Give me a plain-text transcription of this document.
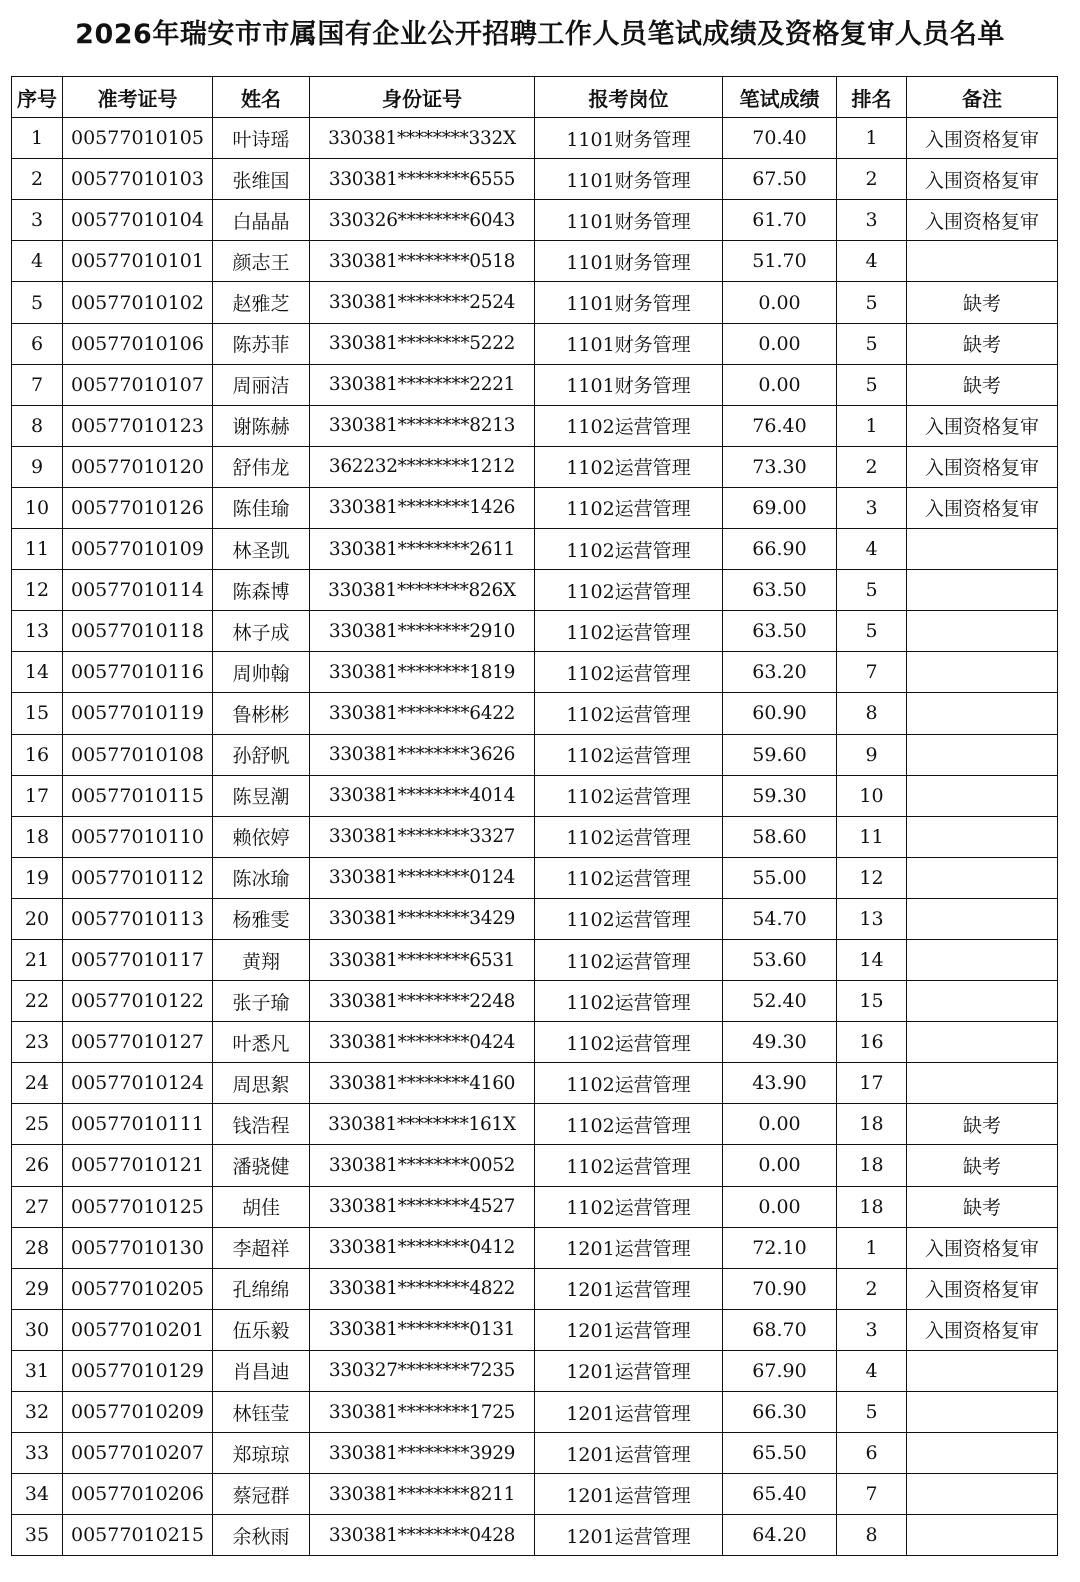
2026年瑞安市市属国有企业公开招聘工作人员笔试成绩及资格复审人员名单
序号	准考证号	姓名	身份证号	报考岗位	笔试成绩	排名	备注
1	00577010105	叶诗瑶	330381********332X	1101财务管理	70.40	1	入围资格复审
2	00577010103	张维国	330381********6555	1101财务管理	67.50	2	入围资格复审
3	00577010104	白晶晶	330326********6043	1101财务管理	61.70	3	入围资格复审
4	00577010101	颜志王	330381********0518	1101财务管理	51.70	4	
5	00577010102	赵雅芝	330381********2524	1101财务管理	0.00	5	缺考
6	00577010106	陈苏菲	330381********5222	1101财务管理	0.00	5	缺考
7	00577010107	周丽洁	330381********2221	1101财务管理	0.00	5	缺考
8	00577010123	谢陈赫	330381********8213	1102运营管理	76.40	1	入围资格复审
9	00577010120	舒伟龙	362232********1212	1102运营管理	73.30	2	入围资格复审
10	00577010126	陈佳瑜	330381********1426	1102运营管理	69.00	3	入围资格复审
11	00577010109	林圣凯	330381********2611	1102运营管理	66.90	4	
12	00577010114	陈森博	330381********826X	1102运营管理	63.50	5	
13	00577010118	林子成	330381********2910	1102运营管理	63.50	5	
14	00577010116	周帅翰	330381********1819	1102运营管理	63.20	7	
15	00577010119	鲁彬彬	330381********6422	1102运营管理	60.90	8	
16	00577010108	孙舒帆	330381********3626	1102运营管理	59.60	9	
17	00577010115	陈昱潮	330381********4014	1102运营管理	59.30	10	
18	00577010110	赖依婷	330381********3327	1102运营管理	58.60	11	
19	00577010112	陈冰瑜	330381********0124	1102运营管理	55.00	12	
20	00577010113	杨雅雯	330381********3429	1102运营管理	54.70	13	
21	00577010117	黄翔	330381********6531	1102运营管理	53.60	14	
22	00577010122	张子瑜	330381********2248	1102运营管理	52.40	15	
23	00577010127	叶悉凡	330381********0424	1102运营管理	49.30	16	
24	00577010124	周思絮	330381********4160	1102运营管理	43.90	17	
25	00577010111	钱浩程	330381********161X	1102运营管理	0.00	18	缺考
26	00577010121	潘骁健	330381********0052	1102运营管理	0.00	18	缺考
27	00577010125	胡佳	330381********4527	1102运营管理	0.00	18	缺考
28	00577010130	李超祥	330381********0412	1201运营管理	72.10	1	入围资格复审
29	00577010205	孔绵绵	330381********4822	1201运营管理	70.90	2	入围资格复审
30	00577010201	伍乐毅	330381********0131	1201运营管理	68.70	3	入围资格复审
31	00577010129	肖昌迪	330327********7235	1201运营管理	67.90	4	
32	00577010209	林钰莹	330381********1725	1201运营管理	66.30	5	
33	00577010207	郑琼琼	330381********3929	1201运营管理	65.50	6	
34	00577010206	蔡冠群	330381********8211	1201运营管理	65.40	7	
35	00577010215	余秋雨	330381********0428	1201运营管理	64.20	8	
